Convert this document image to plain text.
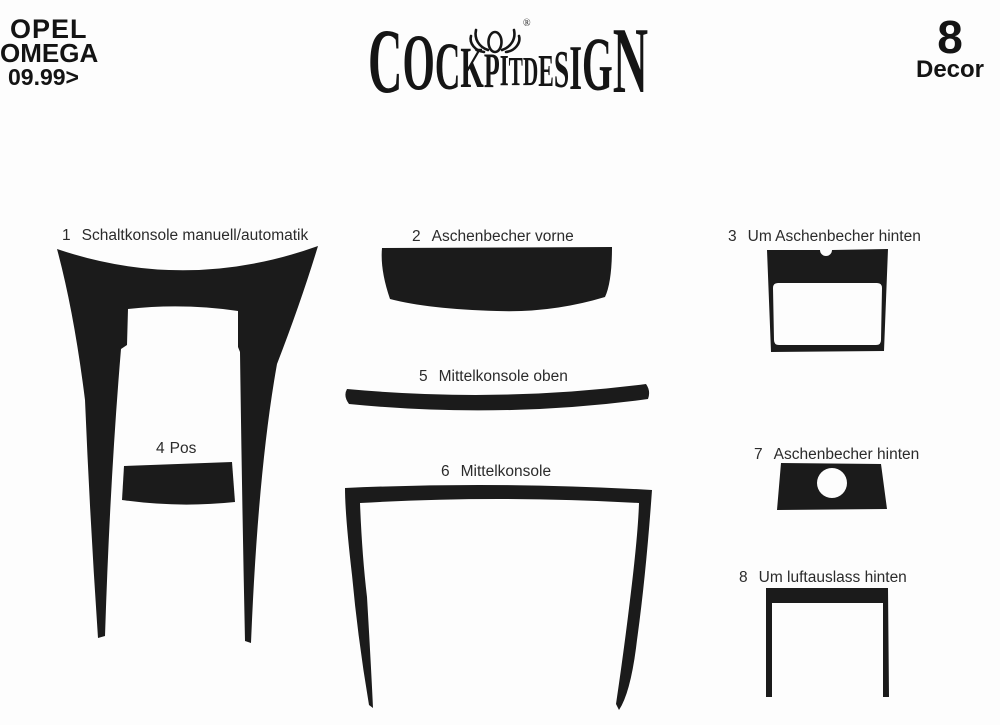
OPEL
OMEGA
09.99>	C O C K P I T D E S I G N
®	8
Decor
1 Schaltkonsole manuell/automatik	2 Aschenbecher vorne	3 Um Aschenbecher hinten
4 Pos
5 Mittelkonsole oben
6 Mittelkonsole
7 Aschenbecher hinten
8 Um luftauslass hinten
